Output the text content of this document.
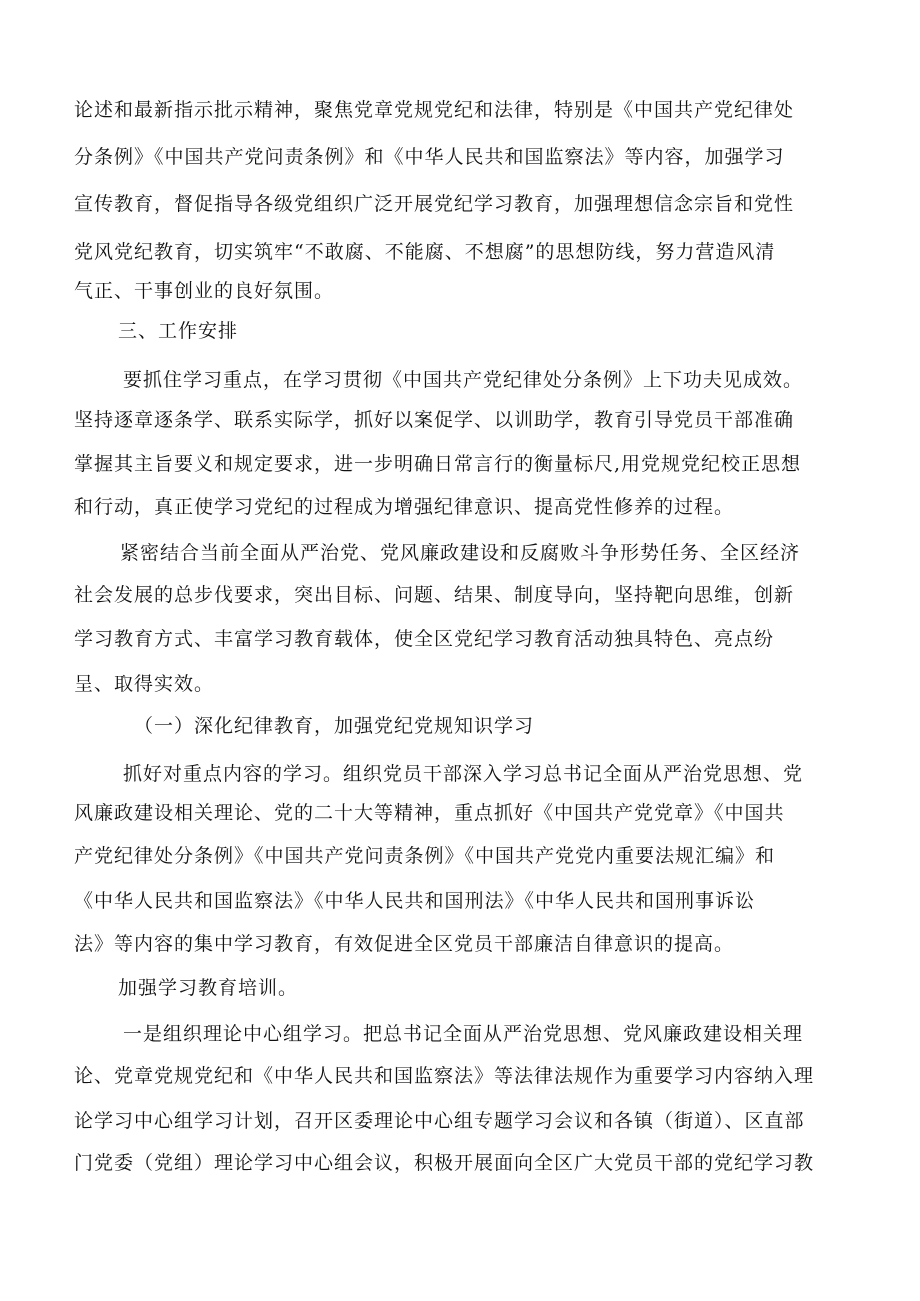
论述和最新指示批示精神，聚焦党章党规党纪和法律，特别是《中国共产党纪律处
分条例》《中国共产党问责条例》和《中华人民共和国监察法》等内容，加强学习
宣传教育，督促指导各级党组织广泛开展党纪学习教育，加强理想信念宗旨和党性
党风党纪教育，切实筑牢“不敢腐、不能腐、不想腐”的思想防线，努力营造风清
气正、干事创业的良好氛围。
三、工作安排
要抓住学习重点，在学习贯彻《中国共产党纪律处分条例》上下功夫见成效。
坚持逐章逐条学、联系实际学，抓好以案促学、以训助学，教育引导党员干部准确
掌握其主旨要义和规定要求，进一步明确日常言行的衡量标尺,用党规党纪校正思想
和行动，真正使学习党纪的过程成为增强纪律意识、提高党性修养的过程。
紧密结合当前全面从严治党、党风廉政建设和反腐败斗争形势任务、全区经济
社会发展的总步伐要求，突出目标、问题、结果、制度导向，坚持靶向思维，创新
学习教育方式、丰富学习教育载体，使全区党纪学习教育活动独具特色、亮点纷
呈、取得实效。
（一）深化纪律教育，加强党纪党规知识学习
抓好对重点内容的学习。组织党员干部深入学习总书记全面从严治党思想、党
风廉政建设相关理论、党的二十大等精神，重点抓好《中国共产党党章》《中国共
产党纪律处分条例》《中国共产党问责条例》《中国共产党党内重要法规汇编》和
《中华人民共和国监察法》《中华人民共和国刑法》《中华人民共和国刑事诉讼
法》等内容的集中学习教育，有效促进全区党员干部廉洁自律意识的提高。
加强学习教育培训。
一是组织理论中心组学习。把总书记全面从严治党思想、党风廉政建设相关理
论、党章党规党纪和《中华人民共和国监察法》等法律法规作为重要学习内容纳入理
论学习中心组学习计划，召开区委理论中心组专题学习会议和各镇（街道）、区直部
门党委（党组）理论学习中心组会议，积极开展面向全区广大党员干部的党纪学习教
